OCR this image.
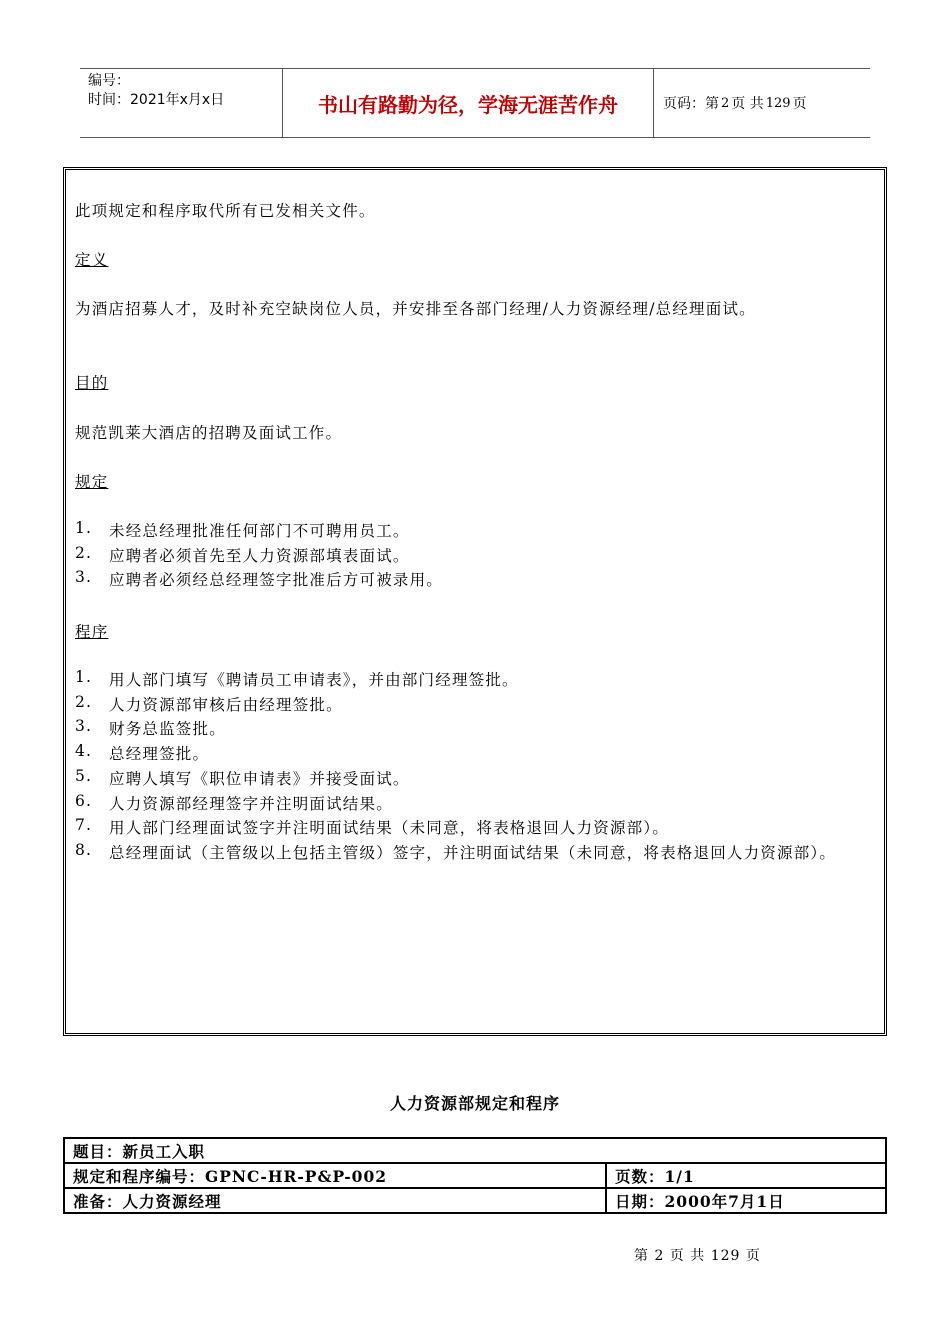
编号：
时间：2021年x月x日	书山有路勤为径，学海无涯苦作舟	页码：第 2 页 共 129 页
此项规定和程序取代所有已发相关文件。
定义
为酒店招募人才，及时补充空缺岗位人员，并安排至各部门经理/人力资源经理/总经理面试。
目的
规范凯莱大酒店的招聘及面试工作。
规定
1.	未经总经理批准任何部门不可聘用员工。
2.	应聘者必须首先至人力资源部填表面试。
3.	应聘者必须经总经理签字批准后方可被录用。
程序
1.	用人部门填写《聘请员工申请表》，并由部门经理签批。
2.	人力资源部审核后由经理签批。
3.	财务总监签批。
4.	总经理签批。
5.	应聘人填写《职位申请表》并接受面试。
6.	人力资源部经理签字并注明面试结果。
7.	用人部门经理面试签字并注明面试结果（未同意，将表格退回人力资源部）。
8.	总经理面试（主管级以上包括主管级）签字，并注明面试结果（未同意，将表格退回人力资源部）。
人力资源部规定和程序
题目：新员工入职	
规定和程序编号：GPNC-HR-P&P-002	页数：1/1
准备：人力资源经理	日期：2000年7月1日
第 2 页 共 129 页
